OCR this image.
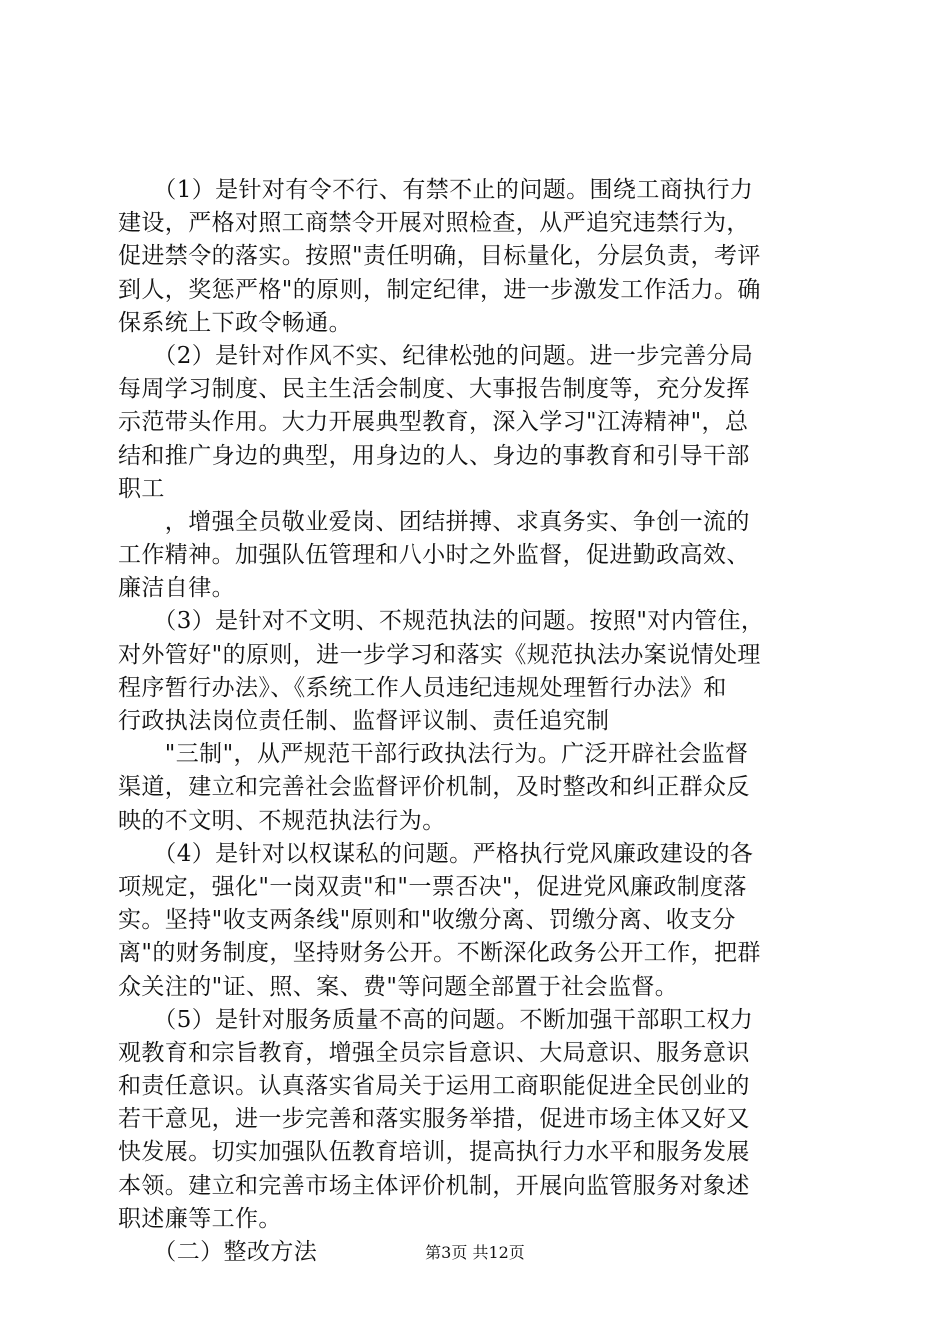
　　（1）是针对有令不行、有禁不止的问题。围绕工商执行力
建设，严格对照工商禁令开展对照检查，从严追究违禁行为，
促进禁令的落实。按照"责任明确，目标量化，分层负责，考评
到人，奖惩严格"的原则，制定纪律，进一步激发工作活力。确
保系统上下政令畅通。
　　（2）是针对作风不实、纪律松弛的问题。进一步完善分局
每周学习制度、民主生活会制度、大事报告制度等，充分发挥
示范带头作用。大力开展典型教育，深入学习"江涛精神"，总
结和推广身边的典型，用身边的人、身边的事教育和引导干部
职工
　　，增强全员敬业爱岗、团结拼搏、求真务实、争创一流的
工作精神。加强队伍管理和八小时之外监督，促进勤政高效、
廉洁自律。
　　（3）是针对不文明、不规范执法的问题。按照"对内管住，
对外管好"的原则，进一步学习和落实《规范执法办案说情处理
程序暂行办法》、《系统工作人员违纪违规处理暂行办法》和
行政执法岗位责任制、监督评议制、责任追究制
　　"三制"，从严规范干部行政执法行为。广泛开辟社会监督
渠道，建立和完善社会监督评价机制，及时整改和纠正群众反
映的不文明、不规范执法行为。
　　（4）是针对以权谋私的问题。严格执行党风廉政建设的各
项规定，强化"一岗双责"和"一票否决"，促进党风廉政制度落
实。坚持"收支两条线"原则和"收缴分离、罚缴分离、收支分
离"的财务制度，坚持财务公开。不断深化政务公开工作，把群
众关注的"证、照、案、费"等问题全部置于社会监督。
　　（5）是针对服务质量不高的问题。不断加强干部职工权力
观教育和宗旨教育，增强全员宗旨意识、大局意识、服务意识
和责任意识。认真落实省局关于运用工商职能促进全民创业的
若干意见，进一步完善和落实服务举措，促进市场主体又好又
快发展。切实加强队伍教育培训，提高执行力水平和服务发展
本领。建立和完善市场主体评价机制，开展向监管服务对象述
职述廉等工作。
　　（二）整改方法	第3页 共12页
